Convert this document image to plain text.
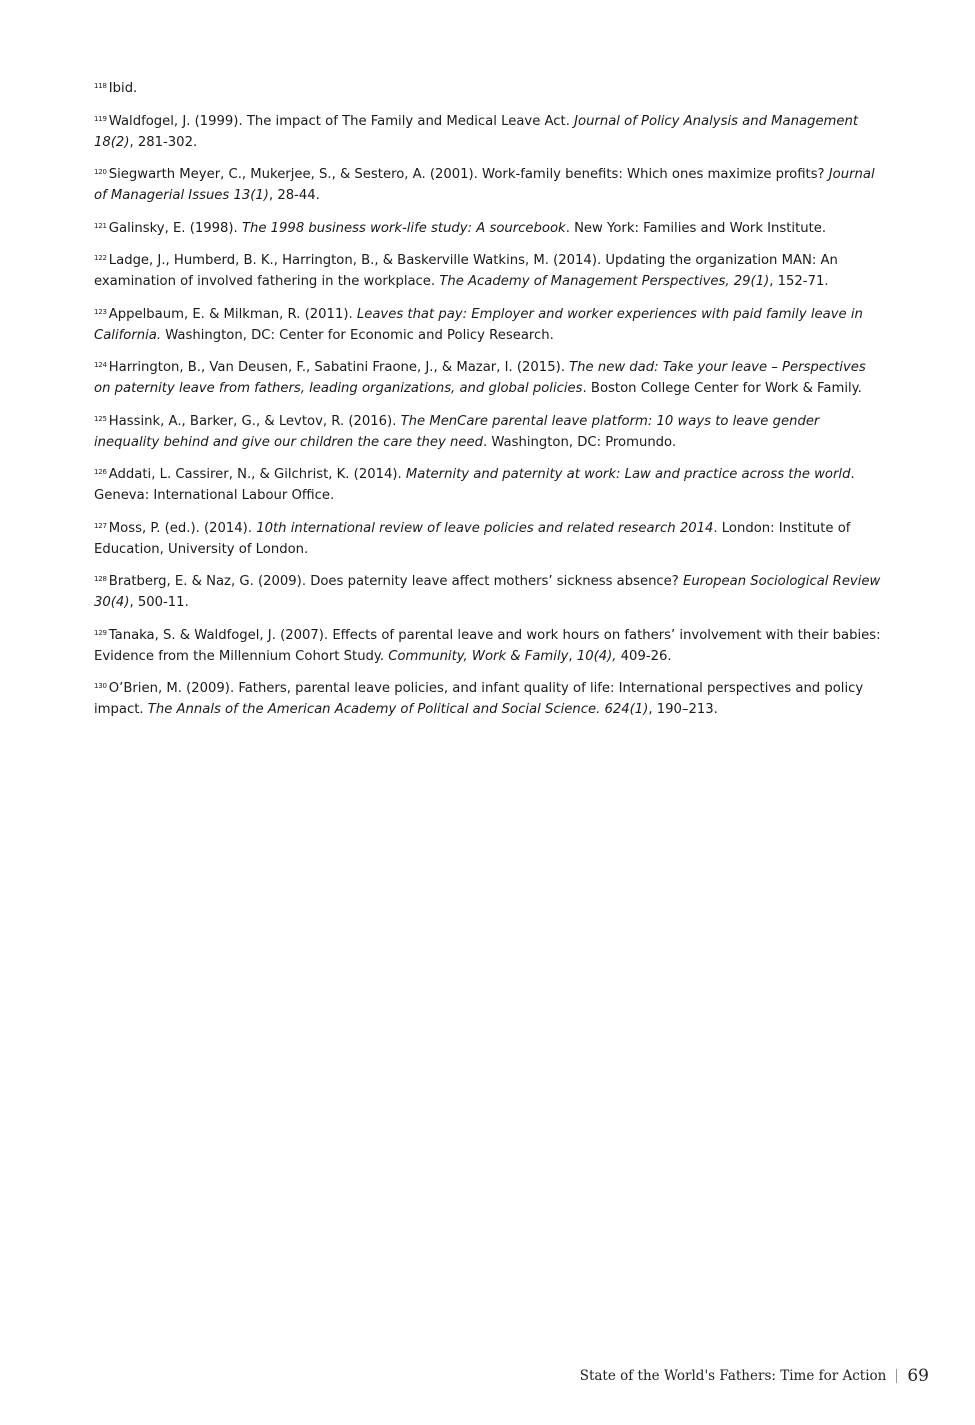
$^{118}$ Ibid.

$^{119}$ Waldfogel, J. (1999). The impact of The Family and Medical Leave Act. Journal of Policy Analysis and Management 18(2), 281-302.

$^{120}$ Siegwarth Meyer, C., Mukerjee, S., & Sestero, A. (2001). Work-family benefits: Which ones maximize profits? Journal of Managerial Issues 13(1), 28-44.

$^{121}$ Galinsky, E. (1998). The 1998 business work-life study: A sourcebook. New York: Families and Work Institute.

$^{122}$ Ladge, J., Humberd, B. K., Harrington, B., & Baskerville Watkins, M. (2014). Updating the organization MAN: An examination of involved fathering in the workplace. The Academy of Management Perspectives, 29(1), 152-71.

$^{123}$ Appelbaum, E. & Milkman, R. (2011). Leaves that pay: Employer and worker experiences with paid family leave in California. Washington, DC: Center for Economic and Policy Research.

$^{124}$ Harrington, B., Van Deusen, F., Sabatini Fraone, J., & Mazar, I. (2015). The new dad: Take your leave – Perspectives on paternity leave from fathers, leading organizations, and global policies. Boston College Center for Work & Family.

$^{125}$ Hassink, A., Barker, G., & Levtov, R. (2016). The MenCare parental leave platform: 10 ways to leave gender inequality behind and give our children the care they need. Washington, DC: Promundo.

$^{126}$ Addati, L. Cassirer, N., & Gilchrist, K. (2014). Maternity and paternity at work: Law and practice across the world. Geneva: International Labour Office.

$^{127}$ Moss, P. (ed.). (2014). 10th international review of leave policies and related research 2014. London: Institute of Education, University of London.

$^{128}$ Bratberg, E. & Naz, G. (2009). Does paternity leave affect mothers’ sickness absence? European Sociological Review 30(4), 500-11.

$^{129}$ Tanaka, S. & Waldfogel, J. (2007). Effects of parental leave and work hours on fathers’ involvement with their babies: Evidence from the Millennium Cohort Study. Community, Work & Family, 10(4), 409-26.

$^{130}$ O’Brien, M. (2009). Fathers, parental leave policies, and infant quality of life: International perspectives and policy impact. The Annals of the American Academy of Political and Social Science. 624(1), 190–213.

State of the World's Fathers: Time for Action 69
